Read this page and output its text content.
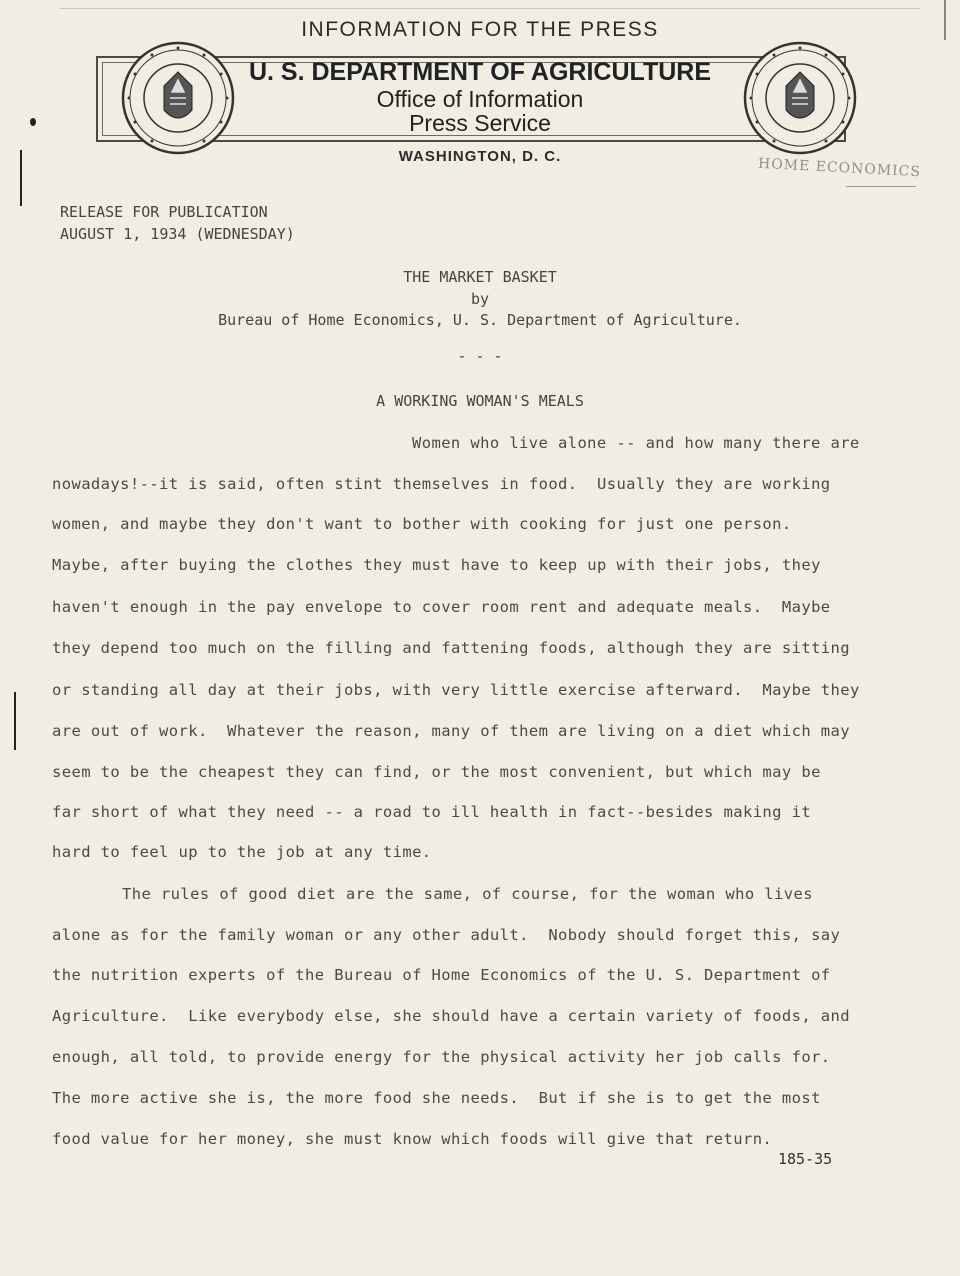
INFORMATION FOR THE PRESS
U. S. DEPARTMENT OF AGRICULTURE
Office of Information
Press Service
WASHINGTON, D. C.	HOME ECONOMICS
RELEASE FOR PUBLICATION
AUGUST 1, 1934 (WEDNESDAY)
THE MARKET BASKET
by
Bureau of Home Economics, U. S. Department of Agriculture.
- - -
A WORKING WOMAN'S MEALS
Women who live alone -- and how many there are
nowadays!--it is said, often stint themselves in food.  Usually they are working
women, and maybe they don't want to bother with cooking for just one person.
Maybe, after buying the clothes they must have to keep up with their jobs, they
haven't enough in the pay envelope to cover room rent and adequate meals.  Maybe
they depend too much on the filling and fattening foods, although they are sitting
or standing all day at their jobs, with very little exercise afterward.  Maybe they
are out of work.  Whatever the reason, many of them are living on a diet which may
seem to be the cheapest they can find, or the most convenient, but which may be
far short of what they need -- a road to ill health in fact--besides making it
hard to feel up to the job at any time.
The rules of good diet are the same, of course, for the woman who lives
alone as for the family woman or any other adult.  Nobody should forget this, say
the nutrition experts of the Bureau of Home Economics of the U. S. Department of
Agriculture.  Like everybody else, she should have a certain variety of foods, and
enough, all told, to provide energy for the physical activity her job calls for.
The more active she is, the more food she needs.  But if she is to get the most
food value for her money, she must know which foods will give that return.
185-35
